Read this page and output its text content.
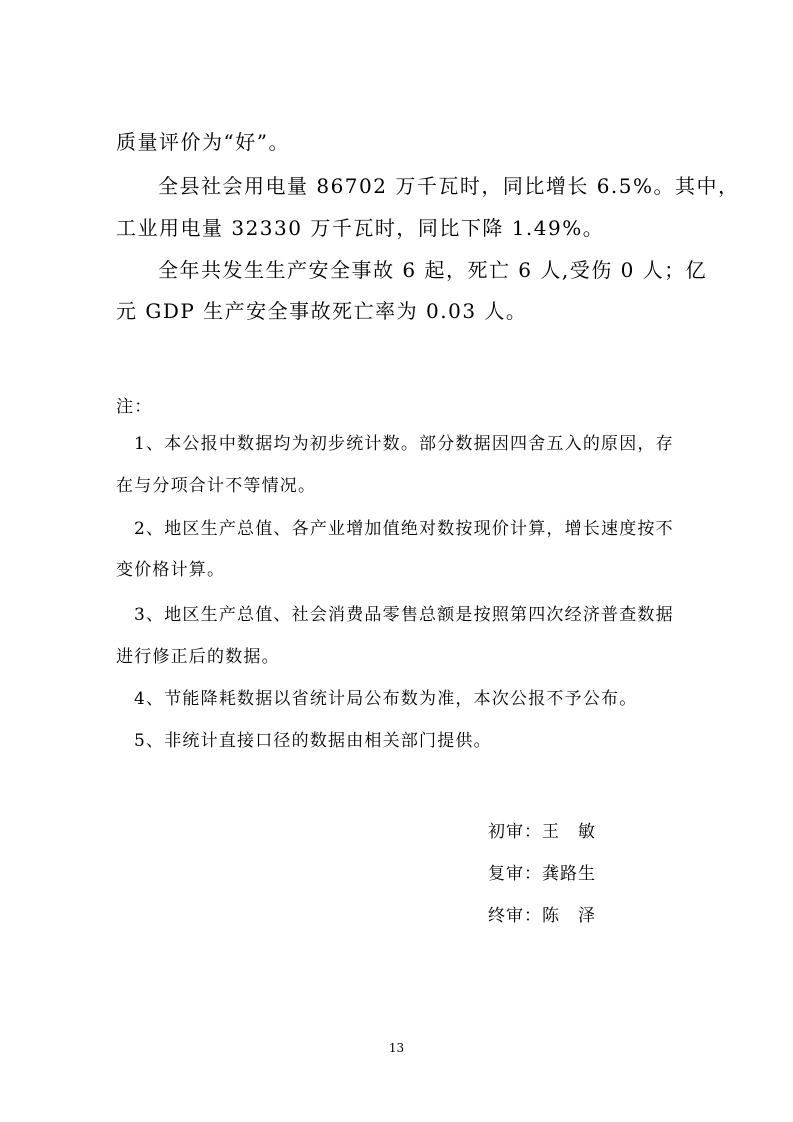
质量评价为“好”。
全县社会用电量 86702 万千瓦时，同比增长 6.5%。其中，
工业用电量 32330 万千瓦时，同比下降 1.49%。
全年共发生生产安全事故 6 起，死亡 6 人,受伤 0 人；亿
元 GDP 生产安全事故死亡率为 0.03 人。
注：
1、本公报中数据均为初步统计数。部分数据因四舍五入的原因，存
在与分项合计不等情况。
2、地区生产总值、各产业增加值绝对数按现价计算，增长速度按不
变价格计算。
3、地区生产总值、社会消费品零售总额是按照第四次经济普查数据
进行修正后的数据。
4、节能降耗数据以省统计局公布数为准，本次公报不予公布。
5、非统计直接口径的数据由相关部门提供。
初审：王　敏
复审：龚路生
终审：陈　泽
13
